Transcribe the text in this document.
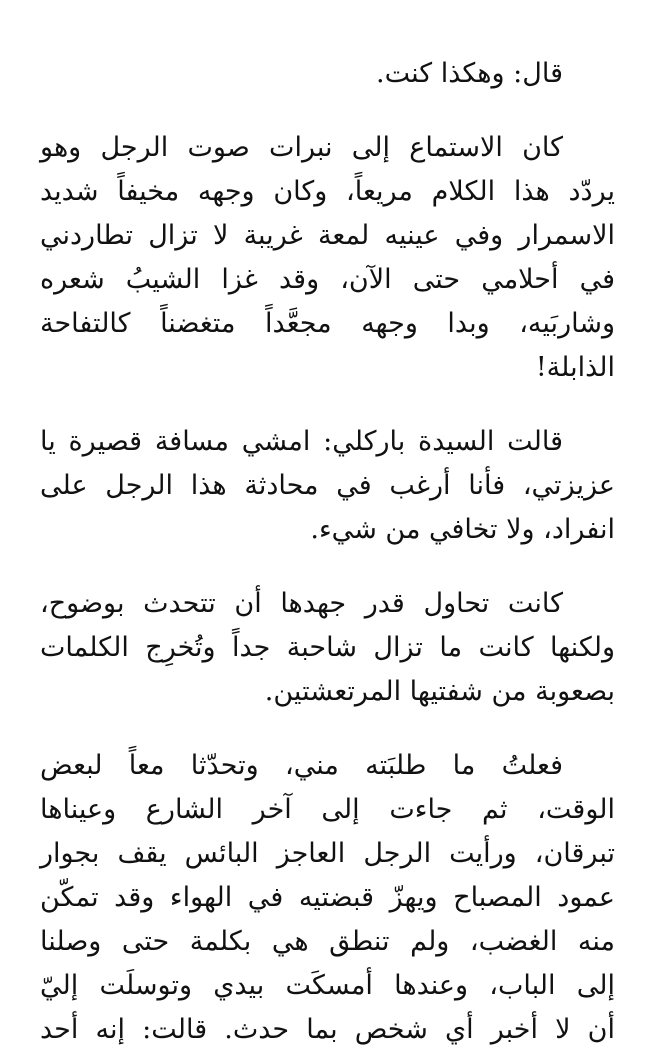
قال: وهكذا كنت.
كان الاستماع إلى نبرات صوت الرجل وهو
يردّد هذا الكلام مريعاً، وكان وجهه مخيفاً شديد
الاسمرار وفي عينيه لمعة غريبة لا تزال تطاردني
في أحلامي حتى الآن، وقد غزا الشيبُ شعره
وشاربَيه، وبدا وجهه مجعَّداً متغضناً كالتفاحة
الذابلة!
قالت السيدة باركلي: امشي مسافة قصيرة يا
عزيزتي، فأنا أرغب في محادثة هذا الرجل على
انفراد، ولا تخافي من شيء.
كانت تحاول قدر جهدها أن تتحدث بوضوح،
ولكنها كانت ما تزال شاحبة جداً وتُخرِج الكلمات
بصعوبة من شفتيها المرتعشتين.
فعلتُ ما طلبَته مني، وتحدّثا معاً لبعض
الوقت، ثم جاءت إلى آخر الشارع وعيناها
تبرقان، ورأيت الرجل العاجز البائس يقف بجوار
عمود المصباح ويهزّ قبضتيه في الهواء وقد تمكّن
منه الغضب، ولم تنطق هي بكلمة حتى وصلنا
إلى الباب، وعندها أمسكَت بيدي وتوسلَت إليّ
أن لا أخبر أي شخص بما حدث. قالت: إنه أحد
